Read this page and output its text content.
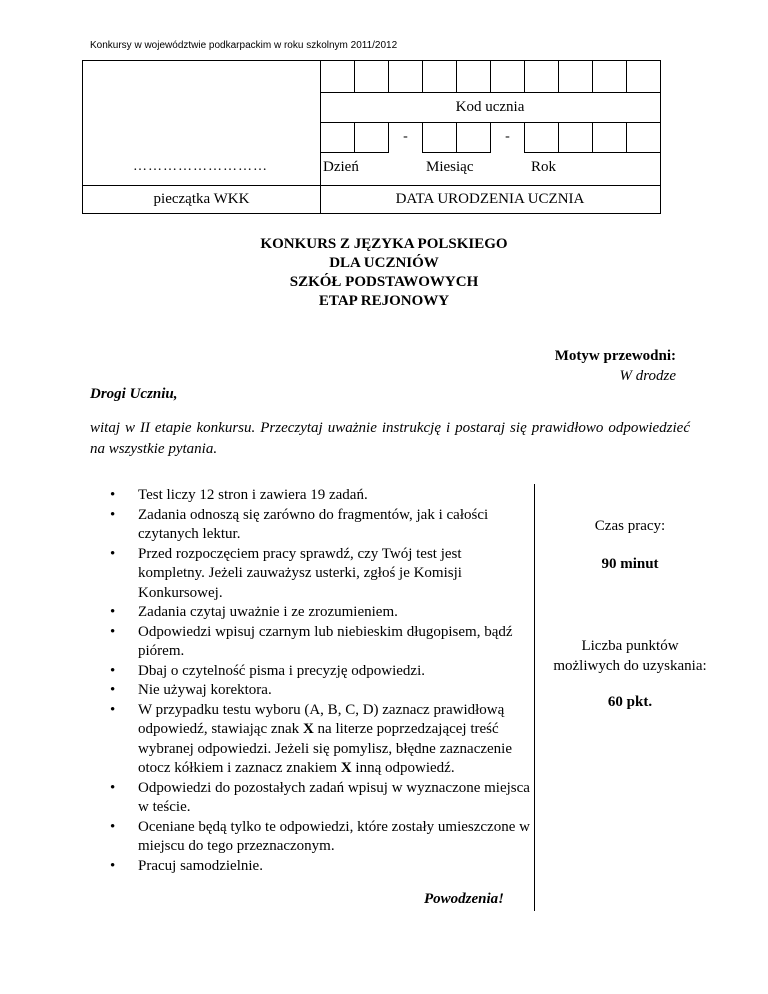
Konkursy w województwie podkarpackim w roku szkolnym 2011/2012
Kod ucznia
-	-
………………………	Dzień	Miesiąc	Rok
pieczątka WKK	DATA URODZENIA UCZNIA
KONKURS Z JĘZYKA POLSKIEGO
DLA UCZNIÓW
SZKÓŁ PODSTAWOWYCH
ETAP REJONOWY
Motyw przewodni:
W drodze
Drogi Uczniu,
witaj w II etapie konkursu. Przeczytaj uważnie instrukcję i postaraj się prawidłowo odpowiedzieć na wszystkie pytania.
• Test liczy 12 stron i zawiera 19 zadań.
• Zadania odnoszą się zarówno do fragmentów, jak i całości czytanych lektur.
• Przed rozpoczęciem pracy sprawdź, czy Twój test jest kompletny. Jeżeli zauważysz usterki, zgłoś je Komisji Konkursowej.
• Zadania czytaj uważnie i ze zrozumieniem.
• Odpowiedzi wpisuj czarnym lub niebieskim długopisem, bądź piórem.
• Dbaj o czytelność pisma i precyzję odpowiedzi.
• Nie używaj korektora.
• W przypadku testu wyboru (A, B, C, D) zaznacz prawidłową odpowiedź, stawiając znak X na literze poprzedzającej treść wybranej odpowiedzi. Jeżeli się pomylisz, błędne zaznaczenie otocz kółkiem i zaznacz znakiem X inną odpowiedź.
• Odpowiedzi do pozostałych zadań wpisuj w wyznaczone miejsca w teście.
• Oceniane będą tylko te odpowiedzi, które zostały umieszczone w miejscu do tego przeznaczonym.
• Pracuj samodzielnie.
Powodzenia!
Czas pracy:
90 minut
Liczba punktów
możliwych do uzyskania:
60 pkt.
